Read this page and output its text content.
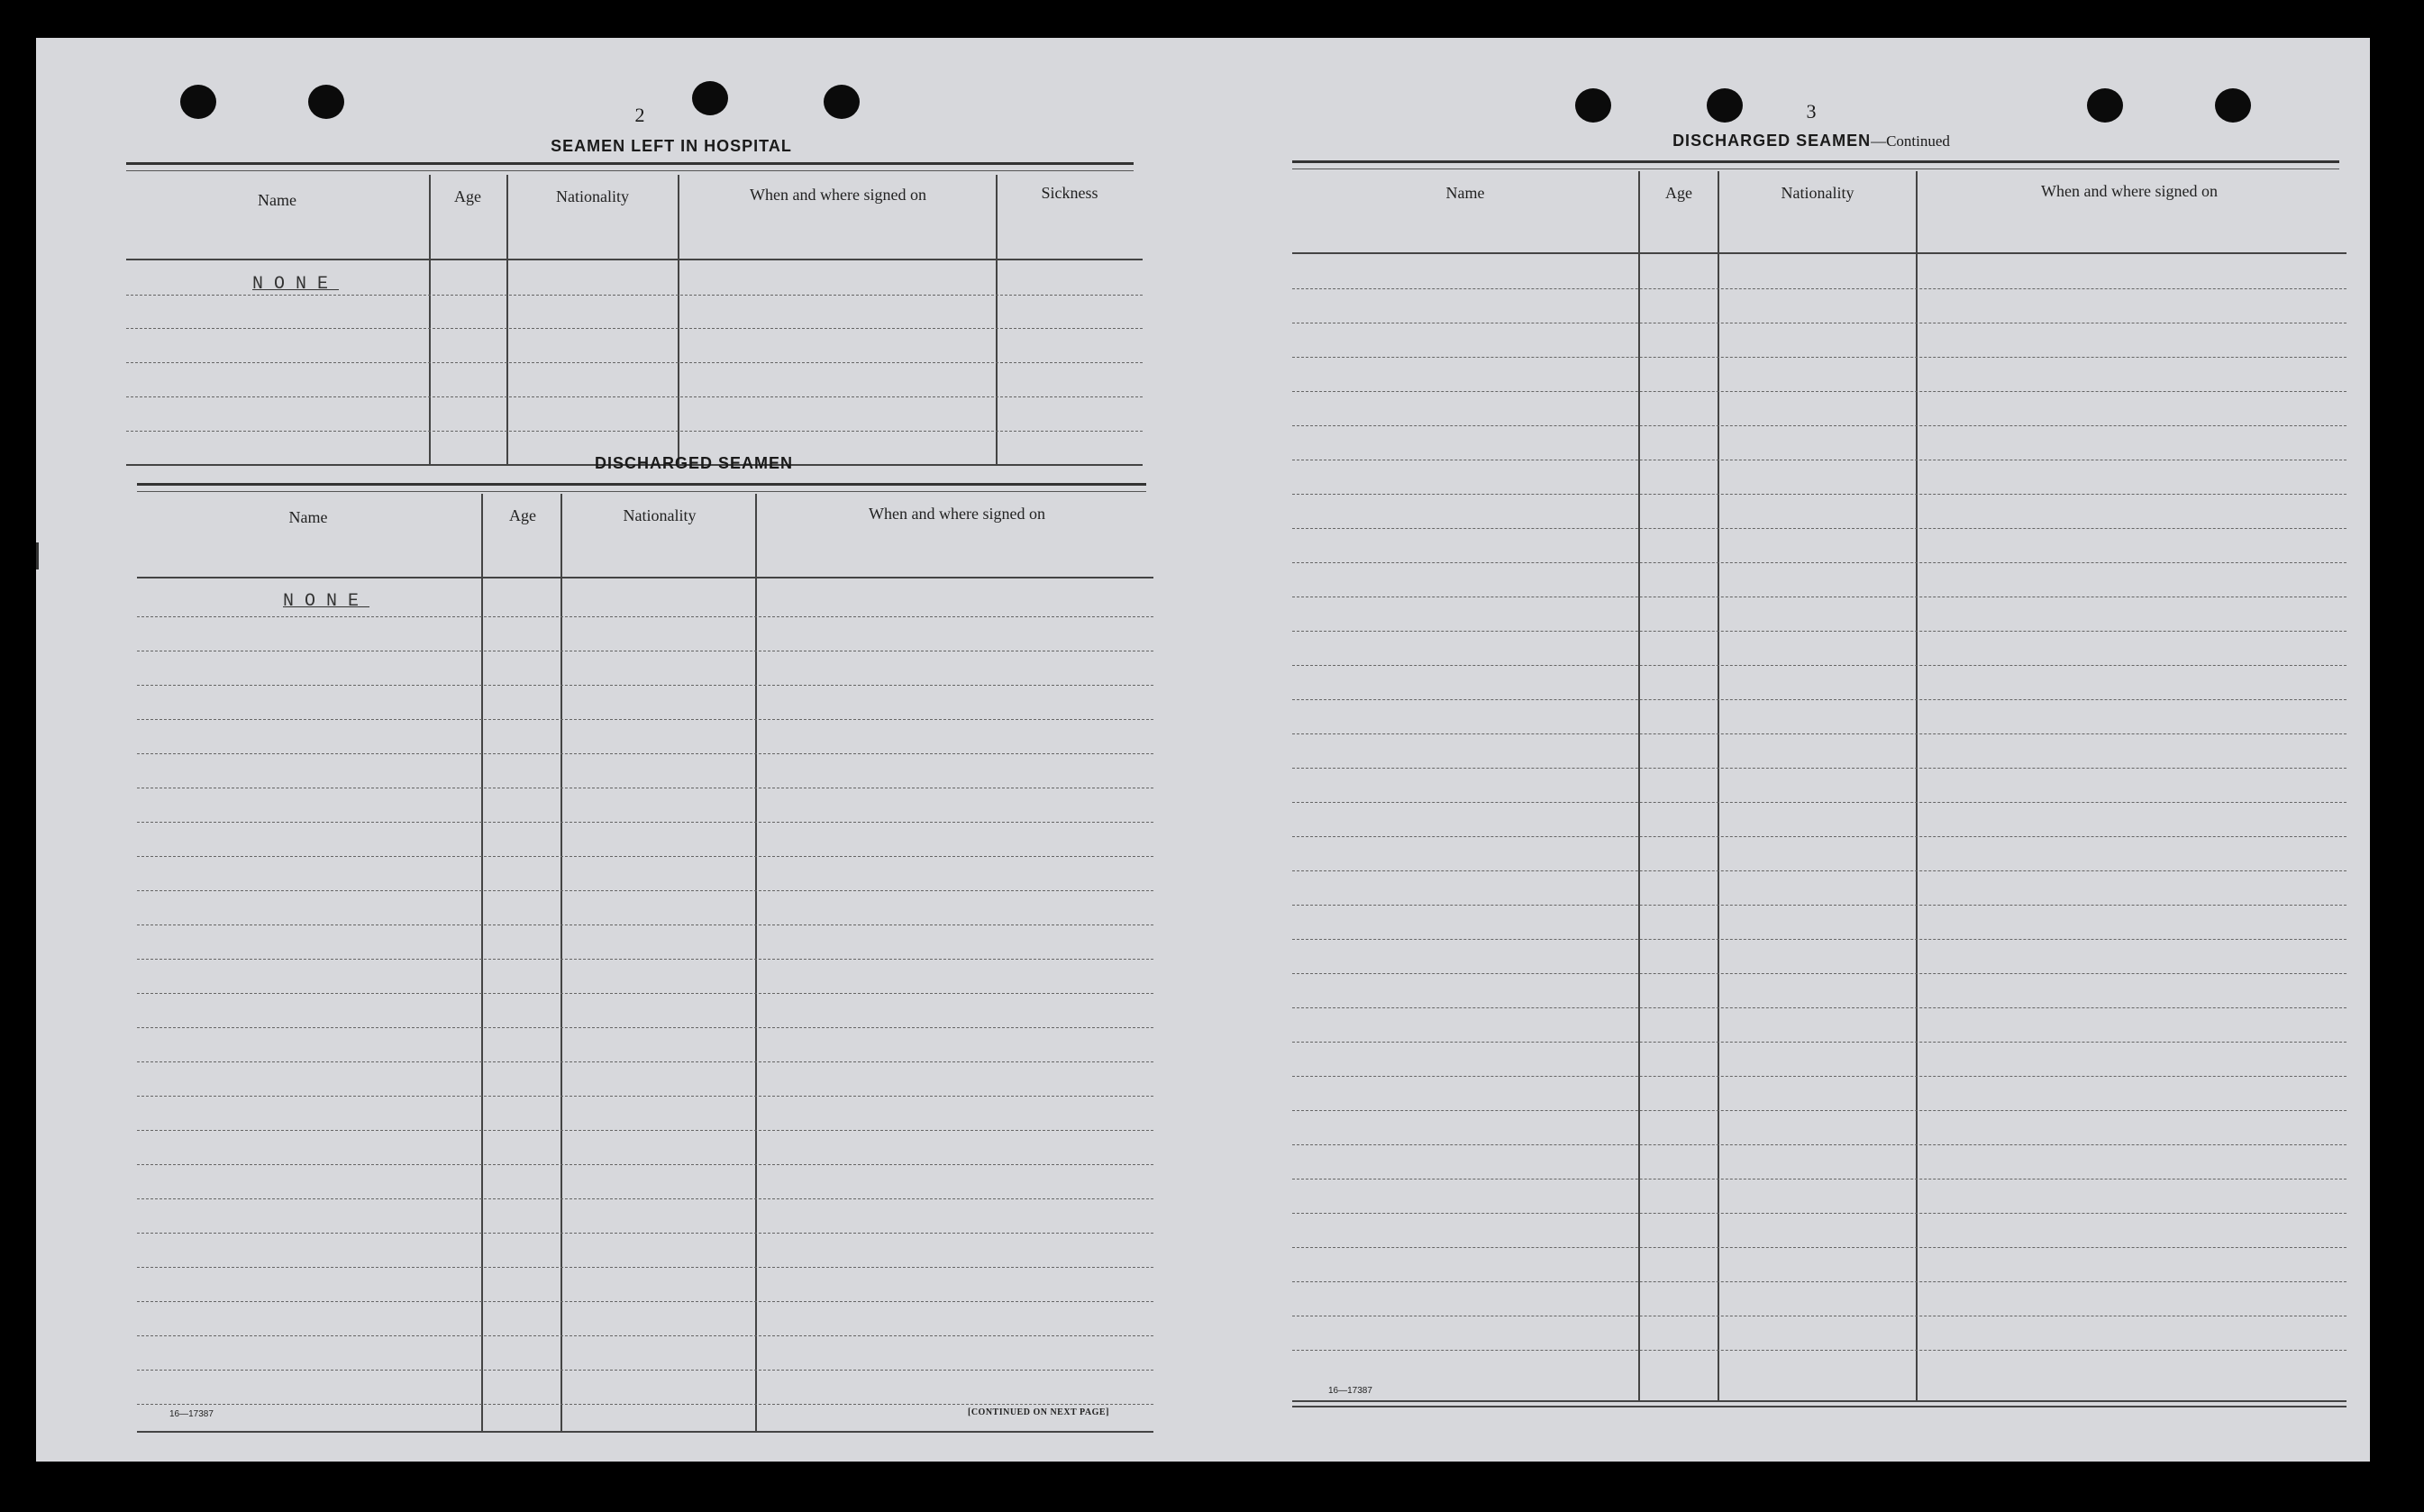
2
SEAMEN LEFT IN HOSPITAL
Name	Age	Nationality	When and where signed on	Sickness
NONE
DISCHARGED SEAMEN
Name	Age	Nationality	When and where signed on
NONE
16—17387	[CONTINUED ON NEXT PAGE]
3
DISCHARGED SEAMEN—Continued
Name	Age	Nationality	When and where signed on
16—17387
